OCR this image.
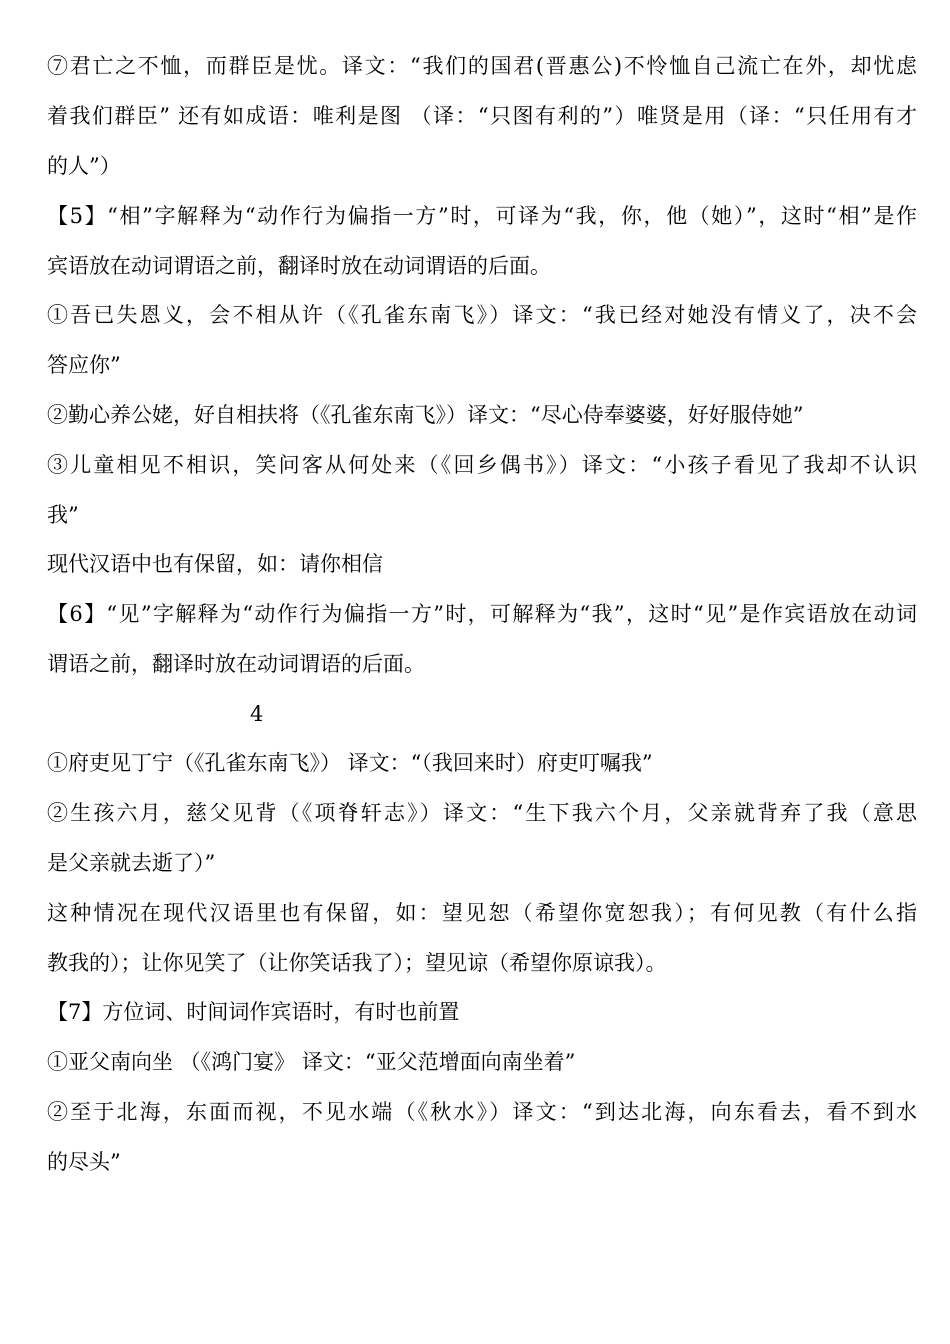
⑦君亡之不恤，而群臣是忧。译文：“我们的国君(晋惠公)不怜恤自己流亡在外，却忧虑
着我们群臣” 还有如成语：唯利是图 （译：“只图有利的”）唯贤是用（译：“只任用有才
的人”）
【5】“相”字解释为“动作行为偏指一方”时，可译为“我，你，他（她）”，这时“相”是作
宾语放在动词谓语之前，翻译时放在动词谓语的后面。
①吾已失恩义，会不相从许（《孔雀东南飞》）译文：“我已经对她没有情义了，决不会
答应你”
②勤心养公姥，好自相扶将（《孔雀东南飞》）译文：“尽心侍奉婆婆，好好服侍她”
③儿童相见不相识，笑问客从何处来（《回乡偶书》）译文：“小孩子看见了我却不认识
我”
现代汉语中也有保留，如：请你相信
【6】“见”字解释为“动作行为偏指一方”时，可解释为“我”，这时“见”是作宾语放在动词
谓语之前，翻译时放在动词谓语的后面。
4
①府吏见丁宁（《孔雀东南飞》） 译文：“（我回来时）府吏叮嘱我”
②生孩六月，慈父见背（《项脊轩志》）译文：“生下我六个月，父亲就背弃了我（意思
是父亲就去逝了）”
这种情况在现代汉语里也有保留，如：望见恕（希望你宽恕我）；有何见教（有什么指
教我的）；让你见笑了（让你笑话我了）；望见谅（希望你原谅我）。
【7】方位词、时间词作宾语时，有时也前置
①亚父南向坐 （《鸿门宴》 译文：“亚父范增面向南坐着”
②至于北海，东面而视，不见水端（《秋水》）译文：“到达北海，向东看去，看不到水
的尽头”
